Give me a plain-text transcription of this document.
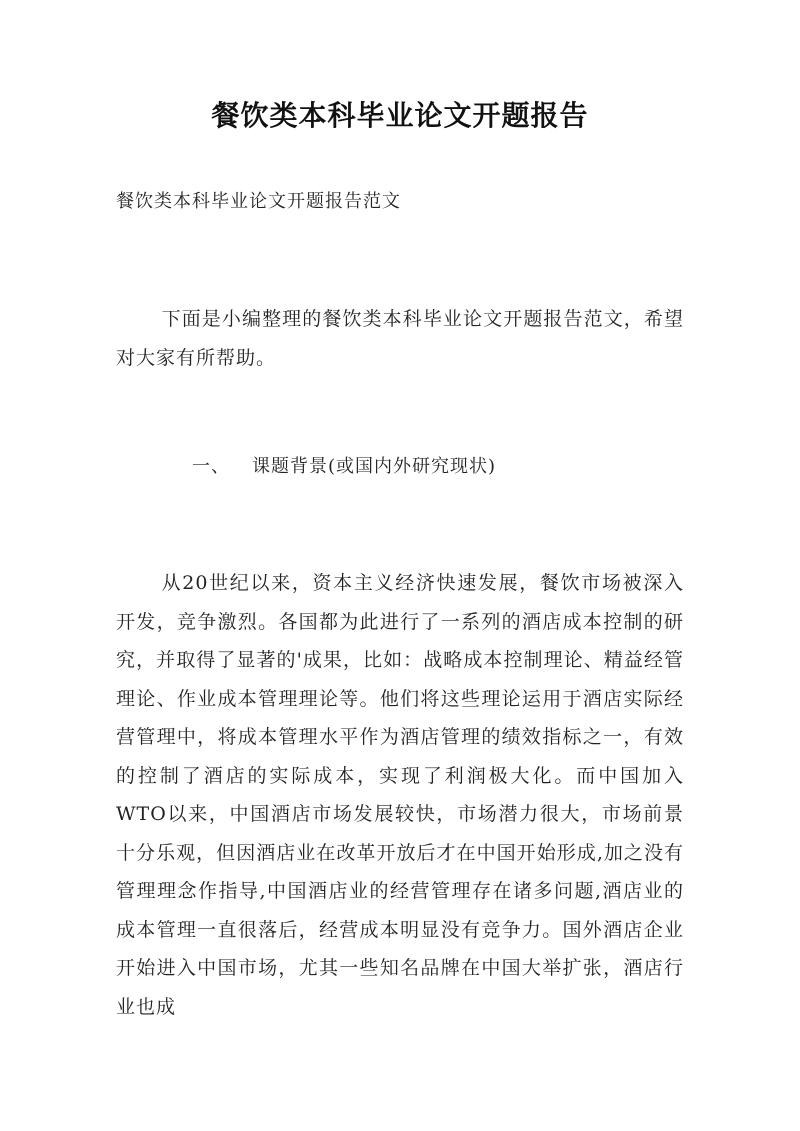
餐饮类本科毕业论文开题报告
餐饮类本科毕业论文开题报告范文
下面是小编整理的餐饮类本科毕业论文开题报告范文，希望对大家有所帮助。
一、 课题背景(或国内外研究现状)
从20世纪以来，资本主义经济快速发展，餐饮市场被深入开发，竞争激烈。各国都为此进行了一系列的酒店成本控制的研究，并取得了显著的'成果，比如：战略成本控制理论、精益经管理论、作业成本管理理论等。他们将这些理论运用于酒店实际经营管理中，将成本管理水平作为酒店管理的绩效指标之一，有效的控制了酒店的实际成本，实现了利润极大化。而中国加入WTO以来，中国酒店市场发展较快，市场潜力很大，市场前景十分乐观，但因酒店业在改革开放后才在中国开始形成,加之没有管理理念作指导,中国酒店业的经营管理存在诸多问题,酒店业的成本管理一直很落后，经营成本明显没有竞争力。国外酒店企业开始进入中国市场，尤其一些知名品牌在中国大举扩张，酒店行业也成
